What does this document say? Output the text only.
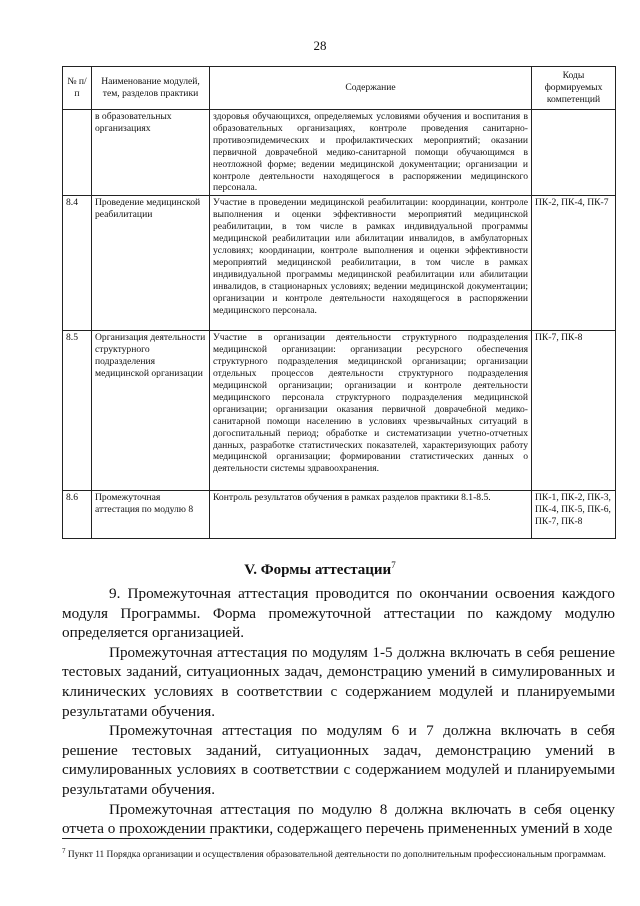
28
№ п/п	Наименование модулей, тем, разделов практики	Содержание	Коды формируемых компетенций
	в образовательных организациях	здоровья обучающихся, определяемых условиями обучения и воспитания в образовательных организациях, контроле проведения санитарно-противоэпидемических и профилактических мероприятий; оказании первичной доврачебной медико-санитарной помощи обучающимся в неотложной форме; ведении медицинской документации; организации и контроле деятельности находящегося в распоряжении медицинского персонала.	
8.4	Проведение медицинской реабилитации	Участие в проведении медицинской реабилитации: координации, контроле выполнения и оценки эффективности мероприятий медицинской реабилитации, в том числе в рамках индивидуальной программы медицинской реабилитации или абилитации инвалидов, в амбулаторных условиях; координации, контроле выполнения и оценки эффективности мероприятий медицинской реабилитации, в том числе в рамках индивидуальной программы медицинской реабилитации или абилитации инвалидов, в стационарных условиях; ведении медицинской документации; организации и контроле деятельности находящегося в распоряжении медицинского персонала.	ПК-2, ПК-4, ПК-7
8.5	Организация деятельности структурного подразделения медицинской организации	Участие в организации деятельности структурного подразделения медицинской организации: организации ресурсного обеспечения структурного подразделения медицинской организации; организации отдельных процессов деятельности структурного подразделения медицинской организации; организации и контроле деятельности медицинского персонала структурного подразделения медицинской организации; организации оказания первичной доврачебной медико-санитарной помощи населению в условиях чрезвычайных ситуаций в догоспитальный период; обработке и систематизации учетно-отчетных данных, разработке статистических показателей, характеризующих работу медицинской организации; формировании статистических данных о деятельности системы здравоохранения.	ПК-7, ПК-8
8.6	Промежуточная аттестация по модулю 8	Контроль результатов обучения в рамках разделов практики 8.1-8.5.	ПК-1, ПК-2, ПК-3, ПК-4, ПК-5, ПК-6, ПК-7, ПК-8
V. Формы аттестации$^7$

9. Промежуточная аттестация проводится по окончании освоения каждого модуля Программы. Форма промежуточной аттестации по каждому модулю определяется организацией.

Промежуточная аттестация по модулям 1-5 должна включать в себя решение тестовых заданий, ситуационных задач, демонстрацию умений в симулированных и клинических условиях в соответствии с содержанием модулей и планируемыми результатами обучения.

Промежуточная аттестация по модулям 6 и 7 должна включать в себя решение тестовых заданий, ситуационных задач, демонстрацию умений в симулированных условиях в соответствии с содержанием модулей и планируемыми результатами обучения.

Промежуточная аттестация по модулю 8 должна включать в себя оценку отчета о прохождении практики, содержащего перечень примененных умений в ходе

$^7$ Пункт 11 Порядка организации и осуществления образовательной деятельности по дополнительным профессиональным программам.
